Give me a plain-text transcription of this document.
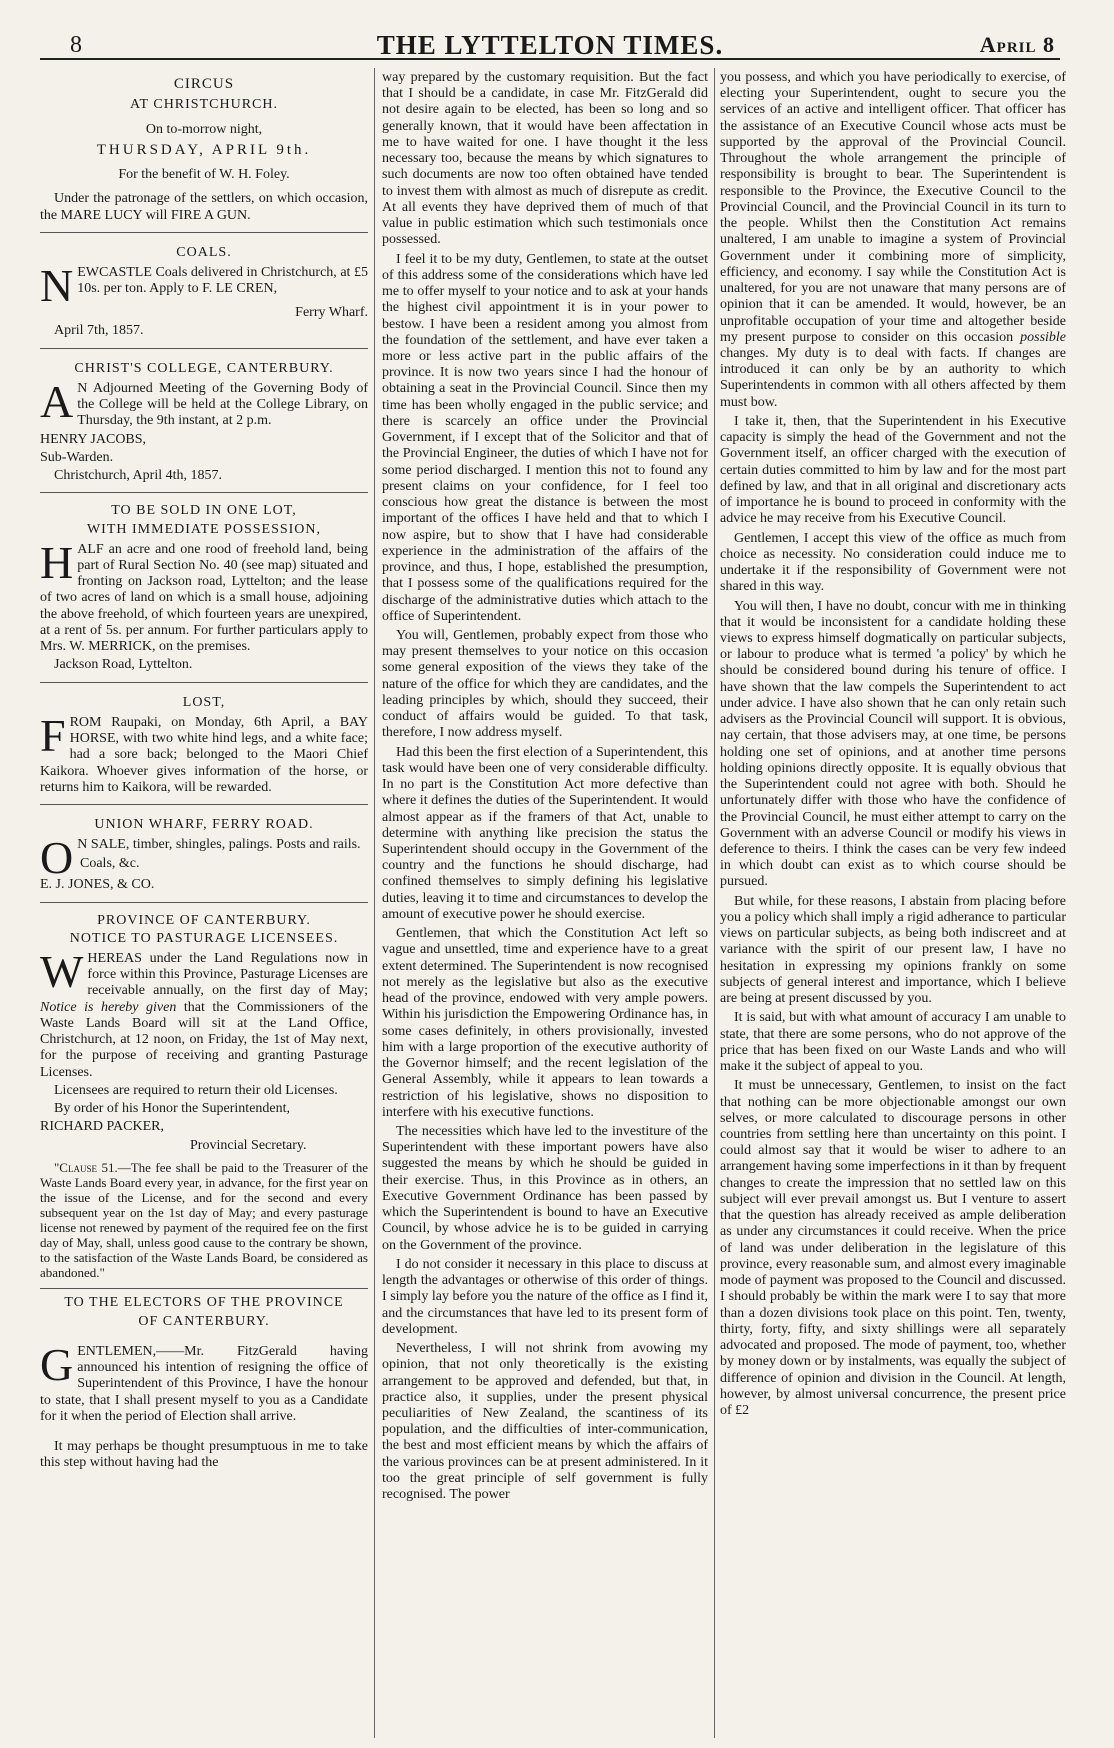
8	THE LYTTELTON TIMES.	April 8
CIRCUS
AT CHRISTCHURCH.

On to-morrow night,

THURSDAY, APRIL 9th.

For the benefit of W. H. Foley.

Under the patronage of the settlers, on which occasion, the MARE LUCY will FIRE A GUN.

COALS.

NEWCASTLE Coals delivered in Christchurch, at £5 10s. per ton. Apply to F. LE CREN,

Ferry Wharf.

April 7th, 1857.

CHRIST'S COLLEGE, CANTERBURY.

A N Adjourned Meeting of the Governing Body of the College will be held at the College Library, on Thursday, the 9th instant, at 2 p.m.

HENRY JACOBS,

Sub-Warden.

Christchurch, April 4th, 1857.

TO BE SOLD IN ONE LOT,
WITH IMMEDIATE POSSESSION,

HALF an acre and one rood of freehold land, being part of Rural Section No. 40 (see map) situated and fronting on Jackson road, Lyttelton; and the lease of two acres of land on which is a small house, adjoining the above freehold, of which fourteen years are unexpired, at a rent of 5s. per annum. For further particulars apply to Mrs. W. MERRICK, on the premises.

Jackson Road, Lyttelton.

LOST,

FROM Raupaki, on Monday, 6th April, a BAY HORSE, with two white hind legs, and a white face; had a sore back; belonged to the Maori Chief Kaikora. Whoever gives information of the horse, or returns him to Kaikora, will be rewarded.

UNION WHARF, FERRY ROAD.

O N SALE, timber, shingles, palings. Posts and rails.

Coals, &c.

E. J. JONES, & CO.

PROVINCE OF CANTERBURY.
NOTICE TO PASTURAGE LICENSEES.

WHEREAS under the Land Regulations now in force within this Province, Pasturage Licenses are receivable annually, on the first day of May; Notice is hereby given that the Commissioners of the Waste Lands Board will sit at the Land Office, Christchurch, at 12 noon, on Friday, the 1st of May next, for the purpose of receiving and granting Pasturage Licenses.

Licensees are required to return their old Licenses.

By order of his Honor the Superintendent,

RICHARD PACKER,

Provincial Secretary.

"Clause 51.—The fee shall be paid to the Treasurer of the Waste Lands Board every year, in advance, for the first year on the issue of the License, and for the second and every subsequent year on the 1st day of May; and every pasturage license not renewed by payment of the required fee on the first day of May, shall, unless good cause to the contrary be shown, to the satisfaction of the Waste Lands Board, be considered as abandoned."

TO THE ELECTORS OF THE PROVINCE
OF CANTERBURY.

GENTLEMEN,——Mr. FitzGerald having announced his intention of resigning the office of Superintendent of this Province, I have the honour to state, that I shall present myself to you as a Candidate for it when the period of Election shall arrive.

It may perhaps be thought presumptuous in me to take this step without having had the

way prepared by the customary requisition. But the fact that I should be a candidate, in case Mr. FitzGerald did not desire again to be elected, has been so long and so generally known, that it would have been affectation in me to have waited for one. I have thought it the less necessary too, because the means by which signatures to such documents are now too often obtained have tended to invest them with almost as much of disrepute as credit. At all events they have deprived them of much of that value in public estimation which such testimonials once possessed.

I feel it to be my duty, Gentlemen, to state at the outset of this address some of the considerations which have led me to offer myself to your notice and to ask at your hands the highest civil appointment it is in your power to bestow. I have been a resident among you almost from the foundation of the settlement, and have ever taken a more or less active part in the public affairs of the province. It is now two years since I had the honour of obtaining a seat in the Provincial Council. Since then my time has been wholly engaged in the public service; and there is scarcely an office under the Provincial Government, if I except that of the Solicitor and that of the Provincial Engineer, the duties of which I have not for some period discharged. I mention this not to found any present claims on your confidence, for I feel too conscious how great the distance is between the most important of the offices I have held and that to which I now aspire, but to show that I have had considerable experience in the administration of the affairs of the province, and thus, I hope, established the presumption, that I possess some of the qualifications required for the discharge of the administrative duties which attach to the office of Superintendent.

You will, Gentlemen, probably expect from those who may present themselves to your notice on this occasion some general exposition of the views they take of the nature of the office for which they are candidates, and the leading principles by which, should they succeed, their conduct of affairs would be guided. To that task, therefore, I now address myself.

Had this been the first election of a Superintendent, this task would have been one of very considerable difficulty. In no part is the Constitution Act more defective than where it defines the duties of the Superintendent. It would almost appear as if the framers of that Act, unable to determine with anything like precision the status the Superintendent should occupy in the Government of the country and the functions he should discharge, had confined themselves to simply defining his legislative duties, leaving it to time and circumstances to develop the amount of executive power he should exercise.

Gentlemen, that which the Constitution Act left so vague and unsettled, time and experience have to a great extent determined. The Superintendent is now recognised not merely as the legislative but also as the executive head of the province, endowed with very ample powers. Within his jurisdiction the Empowering Ordinance has, in some cases definitely, in others provisionally, invested him with a large proportion of the executive authority of the Governor himself; and the recent legislation of the General Assembly, while it appears to lean towards a restriction of his legislative, shows no disposition to interfere with his executive functions.

The necessities which have led to the investiture of the Superintendent with these important powers have also suggested the means by which he should be guided in their exercise. Thus, in this Province as in others, an Executive Government Ordinance has been passed by which the Superintendent is bound to have an Executive Council, by whose advice he is to be guided in carrying on the Government of the province.

I do not consider it necessary in this place to discuss at length the advantages or otherwise of this order of things. I simply lay before you the nature of the office as I find it, and the circumstances that have led to its present form of development.

Nevertheless, I will not shrink from avowing my opinion, that not only theoretically is the existing arrangement to be approved and defended, but that, in practice also, it supplies, under the present physical peculiarities of New Zealand, the scantiness of its population, and the difficulties of inter-communication, the best and most efficient means by which the affairs of the various provinces can be at present administered. In it too the great principle of self government is fully recognised. The power

you possess, and which you have periodically to exercise, of electing your Superintendent, ought to secure you the services of an active and intelligent officer. That officer has the assistance of an Executive Council whose acts must be supported by the approval of the Provincial Council. Throughout the whole arrangement the principle of responsibility is brought to bear. The Superintendent is responsible to the Province, the Executive Council to the Provincial Council, and the Provincial Council in its turn to the people. Whilst then the Constitution Act remains unaltered, I am unable to imagine a system of Provincial Government under it combining more of simplicity, efficiency, and economy. I say while the Constitution Act is unaltered, for you are not unaware that many persons are of opinion that it can be amended. It would, however, be an unprofitable occupation of your time and altogether beside my present purpose to consider on this occasion possible changes. My duty is to deal with facts. If changes are introduced it can only be by an authority to which Superintendents in common with all others affected by them must bow.

I take it, then, that the Superintendent in his Executive capacity is simply the head of the Government and not the Government itself, an officer charged with the execution of certain duties committed to him by law and for the most part defined by law, and that in all original and discretionary acts of importance he is bound to proceed in conformity with the advice he may receive from his Executive Council.

Gentlemen, I accept this view of the office as much from choice as necessity. No consideration could induce me to undertake it if the responsibility of Government were not shared in this way.

You will then, I have no doubt, concur with me in thinking that it would be inconsistent for a candidate holding these views to express himself dogmatically on particular subjects, or labour to produce what is termed 'a policy' by which he should be considered bound during his tenure of office. I have shown that the law compels the Superintendent to act under advice. I have also shown that he can only retain such advisers as the Provincial Council will support. It is obvious, nay certain, that those advisers may, at one time, be persons holding one set of opinions, and at another time persons holding opinions directly opposite. It is equally obvious that the Superintendent could not agree with both. Should he unfortunately differ with those who have the confidence of the Provincial Council, he must either attempt to carry on the Government with an adverse Council or modify his views in deference to theirs. I think the cases can be very few indeed in which doubt can exist as to which course should be pursued.

But while, for these reasons, I abstain from placing before you a policy which shall imply a rigid adherance to particular views on particular subjects, as being both indiscreet and at variance with the spirit of our present law, I have no hesitation in expressing my opinions frankly on some subjects of general interest and importance, which I believe are being at present discussed by you.

It is said, but with what amount of accuracy I am unable to state, that there are some persons, who do not approve of the price that has been fixed on our Waste Lands and who will make it the subject of appeal to you.

It must be unnecessary, Gentlemen, to insist on the fact that nothing can be more objectionable amongst our own selves, or more calculated to discourage persons in other countries from settling here than uncertainty on this point. I could almost say that it would be wiser to adhere to an arrangement having some imperfections in it than by frequent changes to create the impression that no settled law on this subject will ever prevail amongst us. But I venture to assert that the question has already received as ample deliberation as under any circumstances it could receive. When the price of land was under deliberation in the legislature of this province, every reasonable sum, and almost every imaginable mode of payment was proposed to the Council and discussed. I should probably be within the mark were I to say that more than a dozen divisions took place on this point. Ten, twenty, thirty, forty, fifty, and sixty shillings were all separately advocated and proposed. The mode of payment, too, whether by money down or by instalments, was equally the subject of difference of opinion and division in the Council. At length, however, by almost universal concurrence, the present price of £2
